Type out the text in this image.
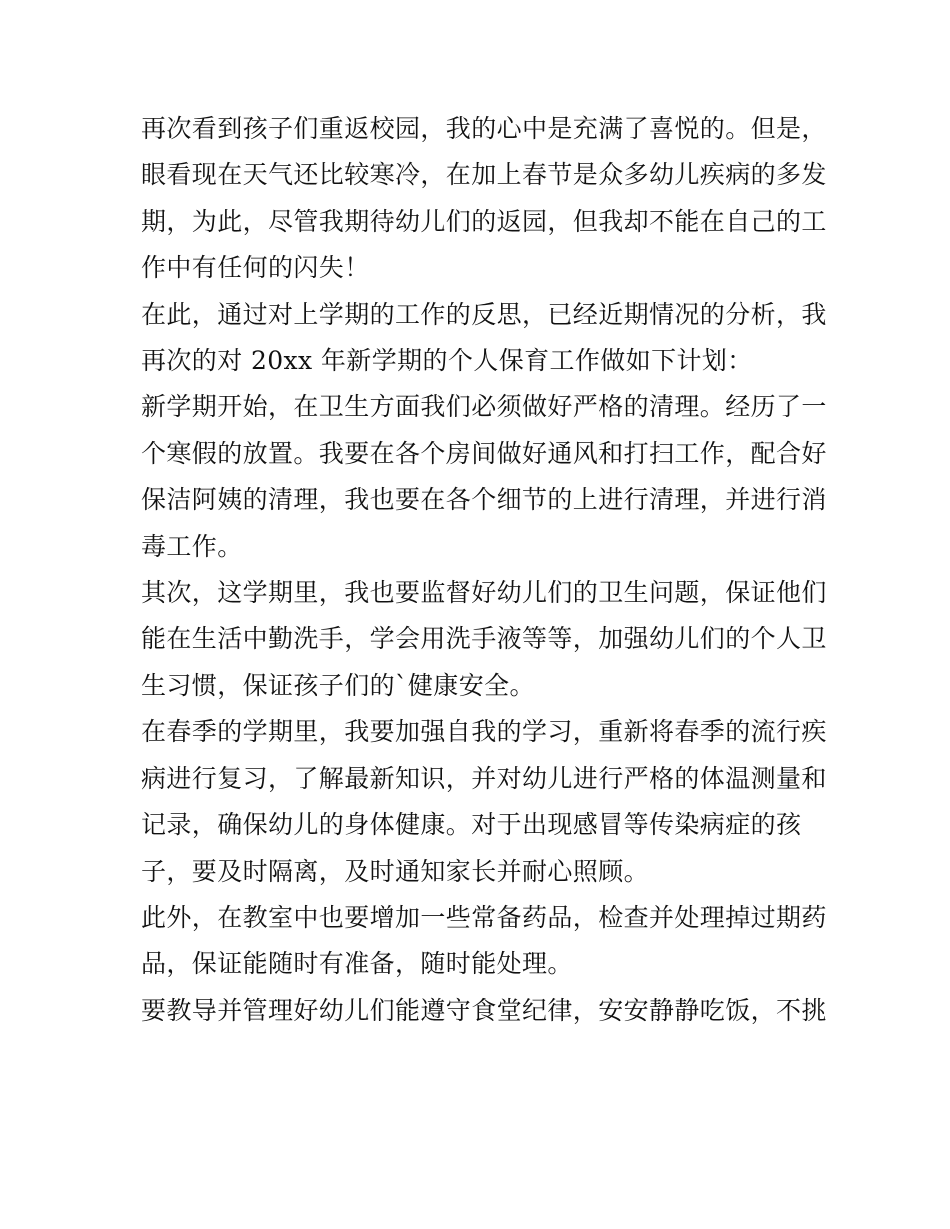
再次看到孩子们重返校园，我的心中是充满了喜悦的。但是，

眼看现在天气还比较寒冷，在加上春节是众多幼儿疾病的多发

期，为此，尽管我期待幼儿们的返园，但我却不能在自己的工

作中有任何的闪失！

在此，通过对上学期的工作的反思，已经近期情况的分析，我

再次的对 20xx 年新学期的个人保育工作做如下计划：

新学期开始，在卫生方面我们必须做好严格的清理。经历了一

个寒假的放置。我要在各个房间做好通风和打扫工作，配合好

保洁阿姨的清理，我也要在各个细节的上进行清理，并进行消

毒工作。

其次，这学期里，我也要监督好幼儿们的卫生问题，保证他们

能在生活中勤洗手，学会用洗手液等等，加强幼儿们的个人卫

生习惯，保证孩子们的`健康安全。

在春季的学期里，我要加强自我的学习，重新将春季的流行疾

病进行复习，了解最新知识，并对幼儿进行严格的体温测量和

记录，确保幼儿的身体健康。对于出现感冒等传染病症的孩

子，要及时隔离，及时通知家长并耐心照顾。

此外，在教室中也要增加一些常备药品，检查并处理掉过期药

品，保证能随时有准备，随时能处理。

要教导并管理好幼儿们能遵守食堂纪律，安安静静吃饭，不挑
